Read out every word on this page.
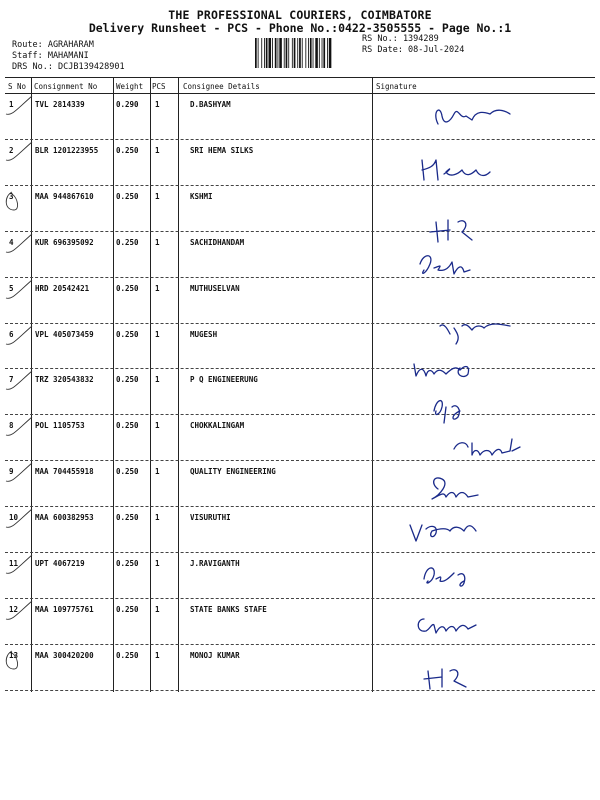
THE PROFESSIONAL COURIERS, COIMBATORE
Delivery Runsheet - PCS - Phone No.:0422-3505555 - Page No.:1
Route: AGRAHARAM
Staff: MAHAMANI
DRS No.: DCJB139428901
RS No.: 1394289
RS Date: 08-Jul-2024
S No Consignment No	Weight PCS Consignee Details	Signature
1	TVL 2814339	0.290 1	D.BASHYAM
2	BLR 1201223955 0.250 1	SRI HEMA SILKS
3	MAA 944867610	0.250 1	KSHMI
4	KUR 696395092	0.250 1	SACHIDHANDAM
5	HRD 20542421	0.250 1	MUTHUSELVAN
6	VPL 405073459	0.250 1	MUGESH
7	TRZ 320543832	0.250 1	P Q ENGINEERUNG
8	POL 1105753	0.250 1	CHOKKALINGAM
9	MAA 704455918	0.250 1	QUALITY ENGINEERING
10 MAA 600382953	0.250 1	VISURUTHI
11 UPT 4067219	0.250 1	J.RAVIGANTH
12 MAA 109775761	0.250 1	STATE BANKS STAFE
13 MAA 300420200	0.250 1	MONOJ KUMAR
